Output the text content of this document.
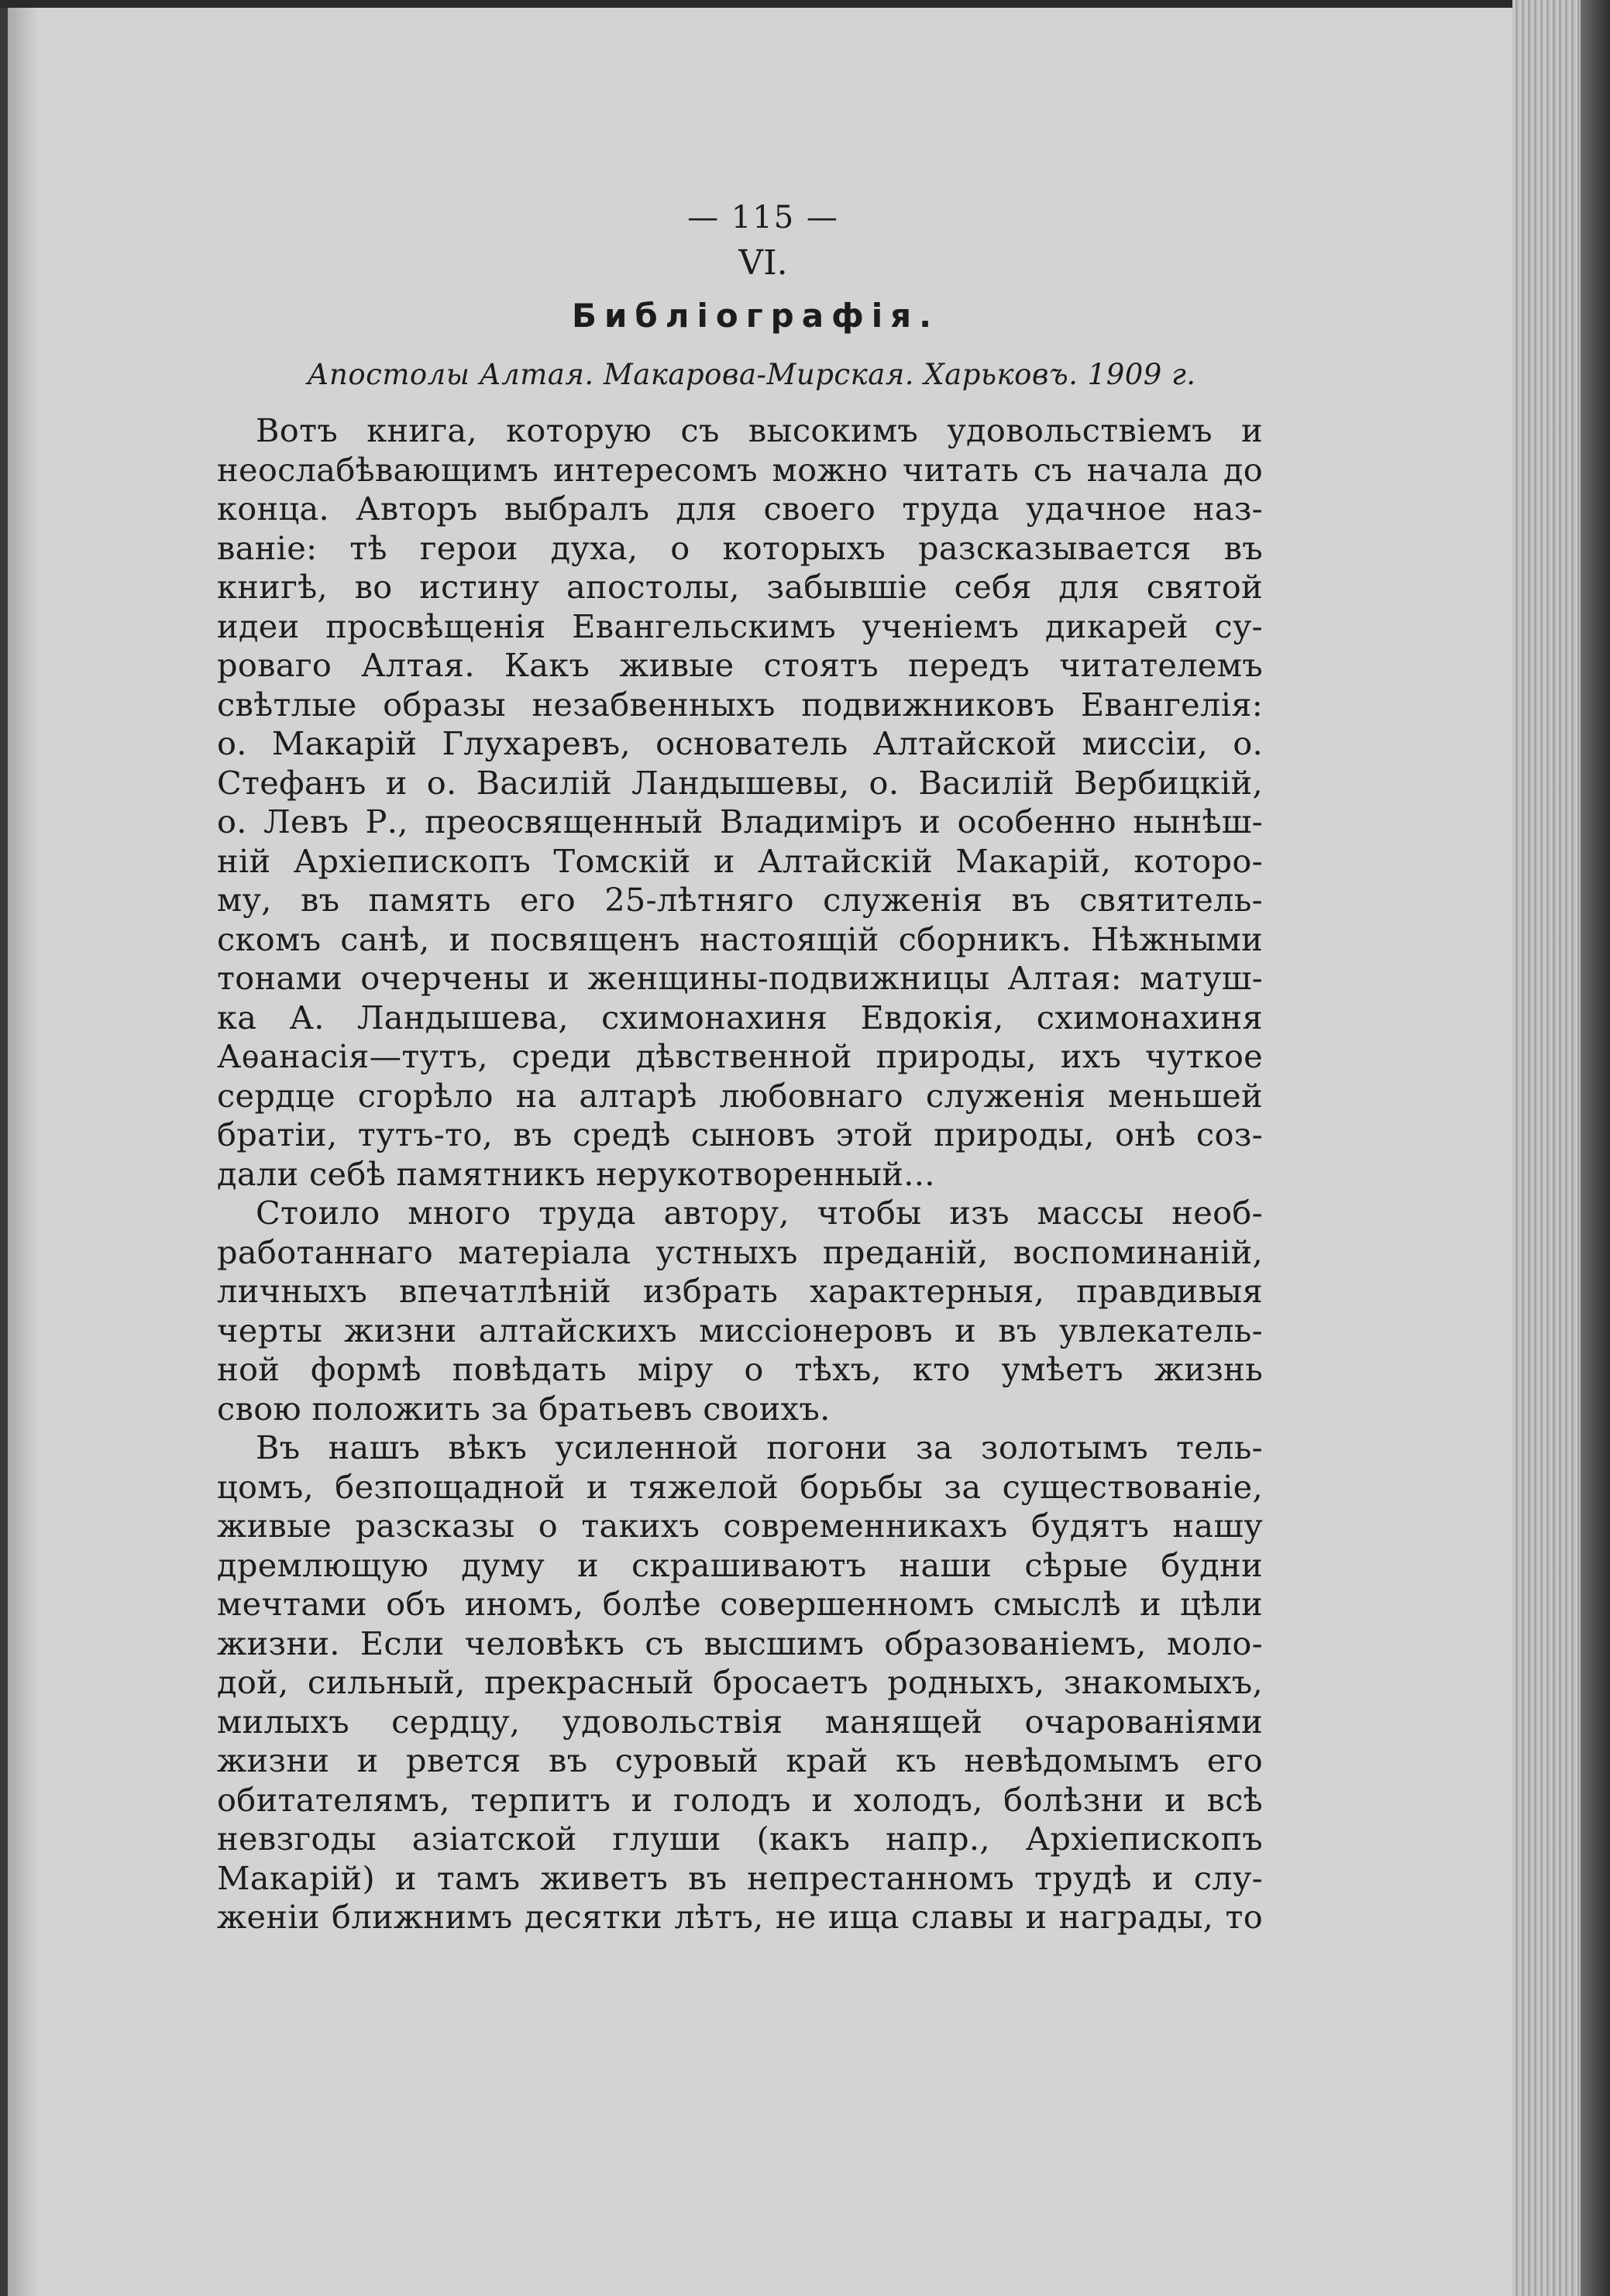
— 115 —
VI.
Библіографія.
Апостолы Алтая. Макарова-Мирская. Харьковъ. 1909 г.
Вотъ книга, которую съ высокимъ удовольствіемъ и
неослабѣвающимъ интересомъ можно читать съ начала до
конца. Авторъ выбралъ для своего труда удачное наз-
ваніе: тѣ герои духа, о которыхъ разсказывается въ
книгѣ, во истину апостолы, забывшіе себя для святой
идеи просвѣщенія Евангельскимъ ученіемъ дикарей су-
роваго Алтая. Какъ живые стоятъ передъ читателемъ
свѣтлые образы незабвенныхъ подвижниковъ Евангелія:
о. Макарій Глухаревъ, основатель Алтайской миссіи, о.
Стефанъ и о. Василій Ландышевы, о. Василій Вербицкій,
о. Левъ Р., преосвященный Владиміръ и особенно нынѣш-
ній Архіепископъ Томскій и Алтайскій Макарій, которо-
му, въ память его 25-лѣтняго служенія въ святитель-
скомъ санѣ, и посвященъ настоящій сборникъ. Нѣжными
тонами очерчены и женщины-подвижницы Алтая: матуш-
ка А. Ландышева, схимонахиня Евдокія, схимонахиня
Аѳанасія—тутъ, среди дѣвственной природы, ихъ чуткое
сердце сгорѣло на алтарѣ любовнаго служенія меньшей
братіи, тутъ-то, въ средѣ сыновъ этой природы, онѣ соз-
дали себѣ памятникъ нерукотворенный...
Стоило много труда автору, чтобы изъ массы необ-
работаннаго матеріала устныхъ преданій, воспоминаній,
личныхъ впечатлѣній избрать характерныя, правдивыя
черты жизни алтайскихъ миссіонеровъ и въ увлекатель-
ной формѣ повѣдать міру о тѣхъ, кто умѣетъ жизнь
свою положить за братьевъ своихъ.
Въ нашъ вѣкъ усиленной погони за золотымъ тель-
цомъ, безпощадной и тяжелой борьбы за существованіе,
живые разсказы о такихъ современникахъ будятъ нашу
дремлющую думу и скрашиваютъ наши сѣрые будни
мечтами объ иномъ, болѣе совершенномъ смыслѣ и цѣли
жизни. Если человѣкъ съ высшимъ образованіемъ, моло-
дой, сильный, прекрасный бросаетъ родныхъ, знакомыхъ,
милыхъ сердцу, удовольствія манящей очарованіями
жизни и рвется въ суровый край къ невѣдомымъ его
обитателямъ, терпитъ и голодъ и холодъ, болѣзни и всѣ
невзгоды азіатской глуши (какъ напр., Архіепископъ
Макарій) и тамъ живетъ въ непрестанномъ трудѣ и слу-
женіи ближнимъ десятки лѣтъ, не ища славы и награды, то
